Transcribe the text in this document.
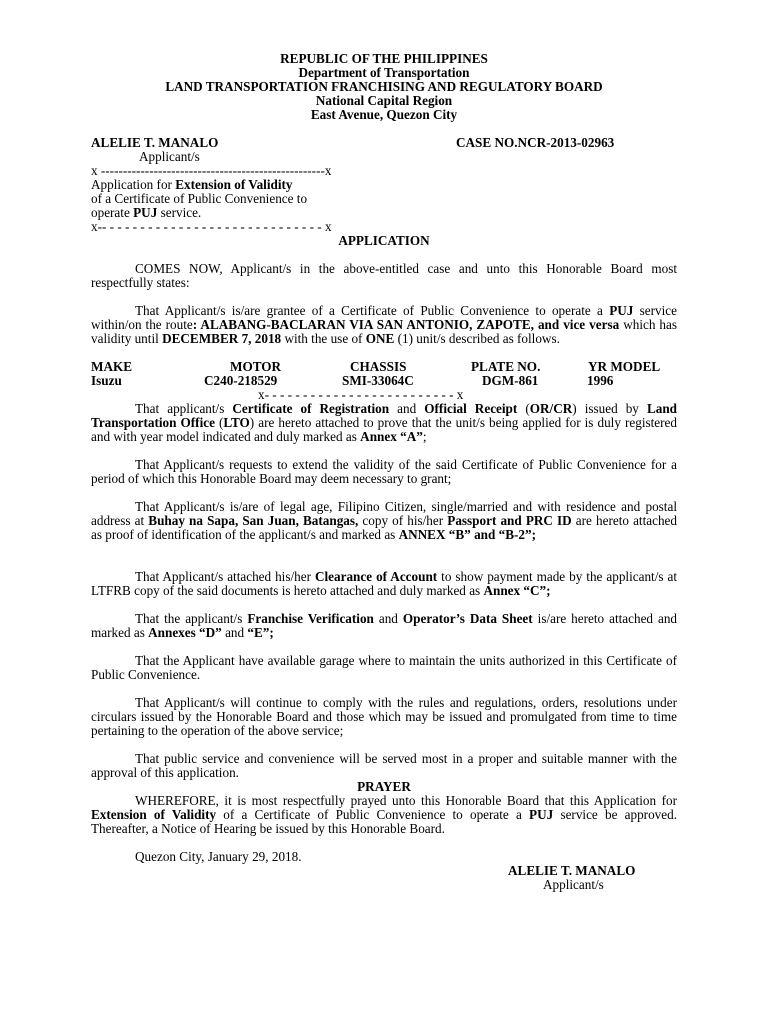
REPUBLIC OF THE PHILIPPINES
Department of Transportation
LAND TRANSPORTATION FRANCHISING AND REGULATORY BOARD
National Capital Region
East Avenue, Quezon City
ALELIE T. MANALO	CASE NO.NCR-2013-02963
Applicant/s
x ---------------------------------------------------x
Application for Extension of Validity
of a Certificate of Public Convenience to
operate PUJ service.
x-- - - - - - - - - - - - - - - - - - - - - - - - - - - - - x
APPLICATION
COMES NOW, Applicant/s in the above-entitled case and unto this Honorable Board most respectfully states:
That Applicant/s is/are grantee of a Certificate of Public Convenience to operate a PUJ service within/on the route: ALABANG-BACLARAN VIA SAN ANTONIO, ZAPOTE, and vice versa which has validity until DECEMBER 7, 2018 with the use of ONE (1) unit/s described as follows.
MAKE	MOTOR	CHASSIS	PLATE NO.	YR MODEL
Isuzu	C240-218529	SMI-33064C	DGM-861	1996
x- - - - - - - - - - - - - - - - - - - - - - - - - x
That applicant/s Certificate of Registration and Official Receipt (OR/CR) issued by Land Transportation Office (LTO) are hereto attached to prove that the unit/s being applied for is duly registered and with year model indicated and duly marked as Annex “A”;
That Applicant/s requests to extend the validity of the said Certificate of Public Convenience for a period of which this Honorable Board may deem necessary to grant;
That Applicant/s is/are of legal age, Filipino Citizen, single/married and with residence and postal address at Buhay na Sapa, San Juan, Batangas, copy of his/her Passport and PRC ID are hereto attached as proof of identification of the applicant/s and marked as ANNEX “B” and “B-2”;
That Applicant/s attached his/her Clearance of Account to show payment made by the applicant/s at LTFRB copy of the said documents is hereto attached and duly marked as Annex “C”;
That the applicant/s Franchise Verification and Operator’s Data Sheet is/are hereto attached and marked as Annexes “D” and “E”;
That the Applicant have available garage where to maintain the units authorized in this Certificate of Public Convenience.
That Applicant/s will continue to comply with the rules and regulations, orders, resolutions under circulars issued by the Honorable Board and those which may be issued and promulgated from time to time pertaining to the operation of the above service;
That public service and convenience will be served most in a proper and suitable manner with the approval of this application.
PRAYER
WHEREFORE, it is most respectfully prayed unto this Honorable Board that this Application for Extension of Validity of a Certificate of Public Convenience to operate a PUJ service be approved. Thereafter, a Notice of Hearing be issued by this Honorable Board.
Quezon City, January 29, 2018.
ALELIE T. MANALO
Applicant/s
